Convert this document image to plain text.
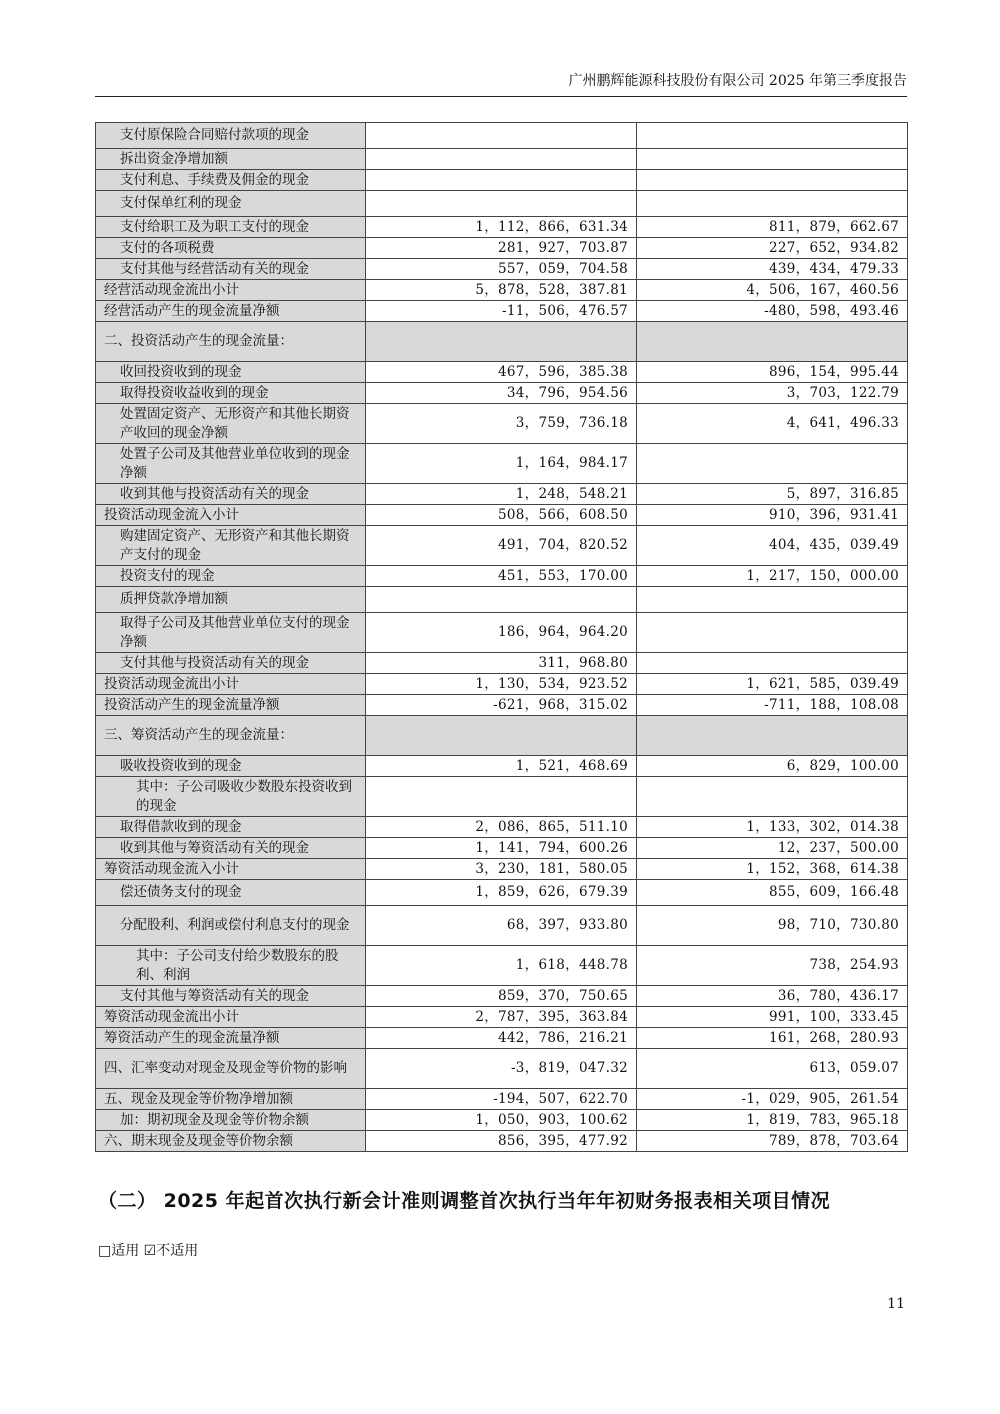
广州鹏辉能源科技股份有限公司 2025 年第三季度报告
支付原保险合同赔付款项的现金		
拆出资金净增加额		
支付利息、手续费及佣金的现金		
支付保单红利的现金		
支付给职工及为职工支付的现金	1，112，866，631.34	811，879，662.67
支付的各项税费	281，927，703.87	227，652，934.82
支付其他与经营活动有关的现金	557，059，704.58	439，434，479.33
经营活动现金流出小计	5，878，528，387.81	4，506，167，460.56
经营活动产生的现金流量净额	-11，506，476.57	-480，598，493.46
二、投资活动产生的现金流量：		
收回投资收到的现金	467，596，385.38	896，154，995.44
取得投资收益收到的现金	34，796，954.56	3，703，122.79
处置固定资产、无形资产和其他长期资产收回的现金净额	3，759，736.18	4，641，496.33
处置子公司及其他营业单位收到的现金净额	1，164，984.17	
收到其他与投资活动有关的现金	1，248，548.21	5，897，316.85
投资活动现金流入小计	508，566，608.50	910，396，931.41
购建固定资产、无形资产和其他长期资产支付的现金	491，704，820.52	404，435，039.49
投资支付的现金	451，553，170.00	1，217，150，000.00
质押贷款净增加额		
取得子公司及其他营业单位支付的现金净额	186，964，964.20	
支付其他与投资活动有关的现金	311，968.80	
投资活动现金流出小计	1，130，534，923.52	1，621，585，039.49
投资活动产生的现金流量净额	-621，968，315.02	-711，188，108.08
三、筹资活动产生的现金流量：		
吸收投资收到的现金	1，521，468.69	6，829，100.00
其中：子公司吸收少数股东投资收到的现金		
取得借款收到的现金	2，086，865，511.10	1，133，302，014.38
收到其他与筹资活动有关的现金	1，141，794，600.26	12，237，500.00
筹资活动现金流入小计	3，230，181，580.05	1，152，368，614.38
偿还债务支付的现金	1，859，626，679.39	855，609，166.48
分配股利、利润或偿付利息支付的现金	68，397，933.80	98，710，730.80
其中：子公司支付给少数股东的股利、利润	1，618，448.78	738，254.93
支付其他与筹资活动有关的现金	859，370，750.65	36，780，436.17
筹资活动现金流出小计	2，787，395，363.84	991，100，333.45
筹资活动产生的现金流量净额	442，786，216.21	161，268，280.93
四、汇率变动对现金及现金等价物的影响	-3，819，047.32	613，059.07
五、现金及现金等价物净增加额	-194，507，622.70	-1，029，905，261.54
加：期初现金及现金等价物余额	1，050，903，100.62	1，819，783，965.18
六、期末现金及现金等价物余额	856，395，477.92	789，878，703.64
（二） 2025 年起首次执行新会计准则调整首次执行当年年初财务报表相关项目情况
□适用 ☑不适用
11
